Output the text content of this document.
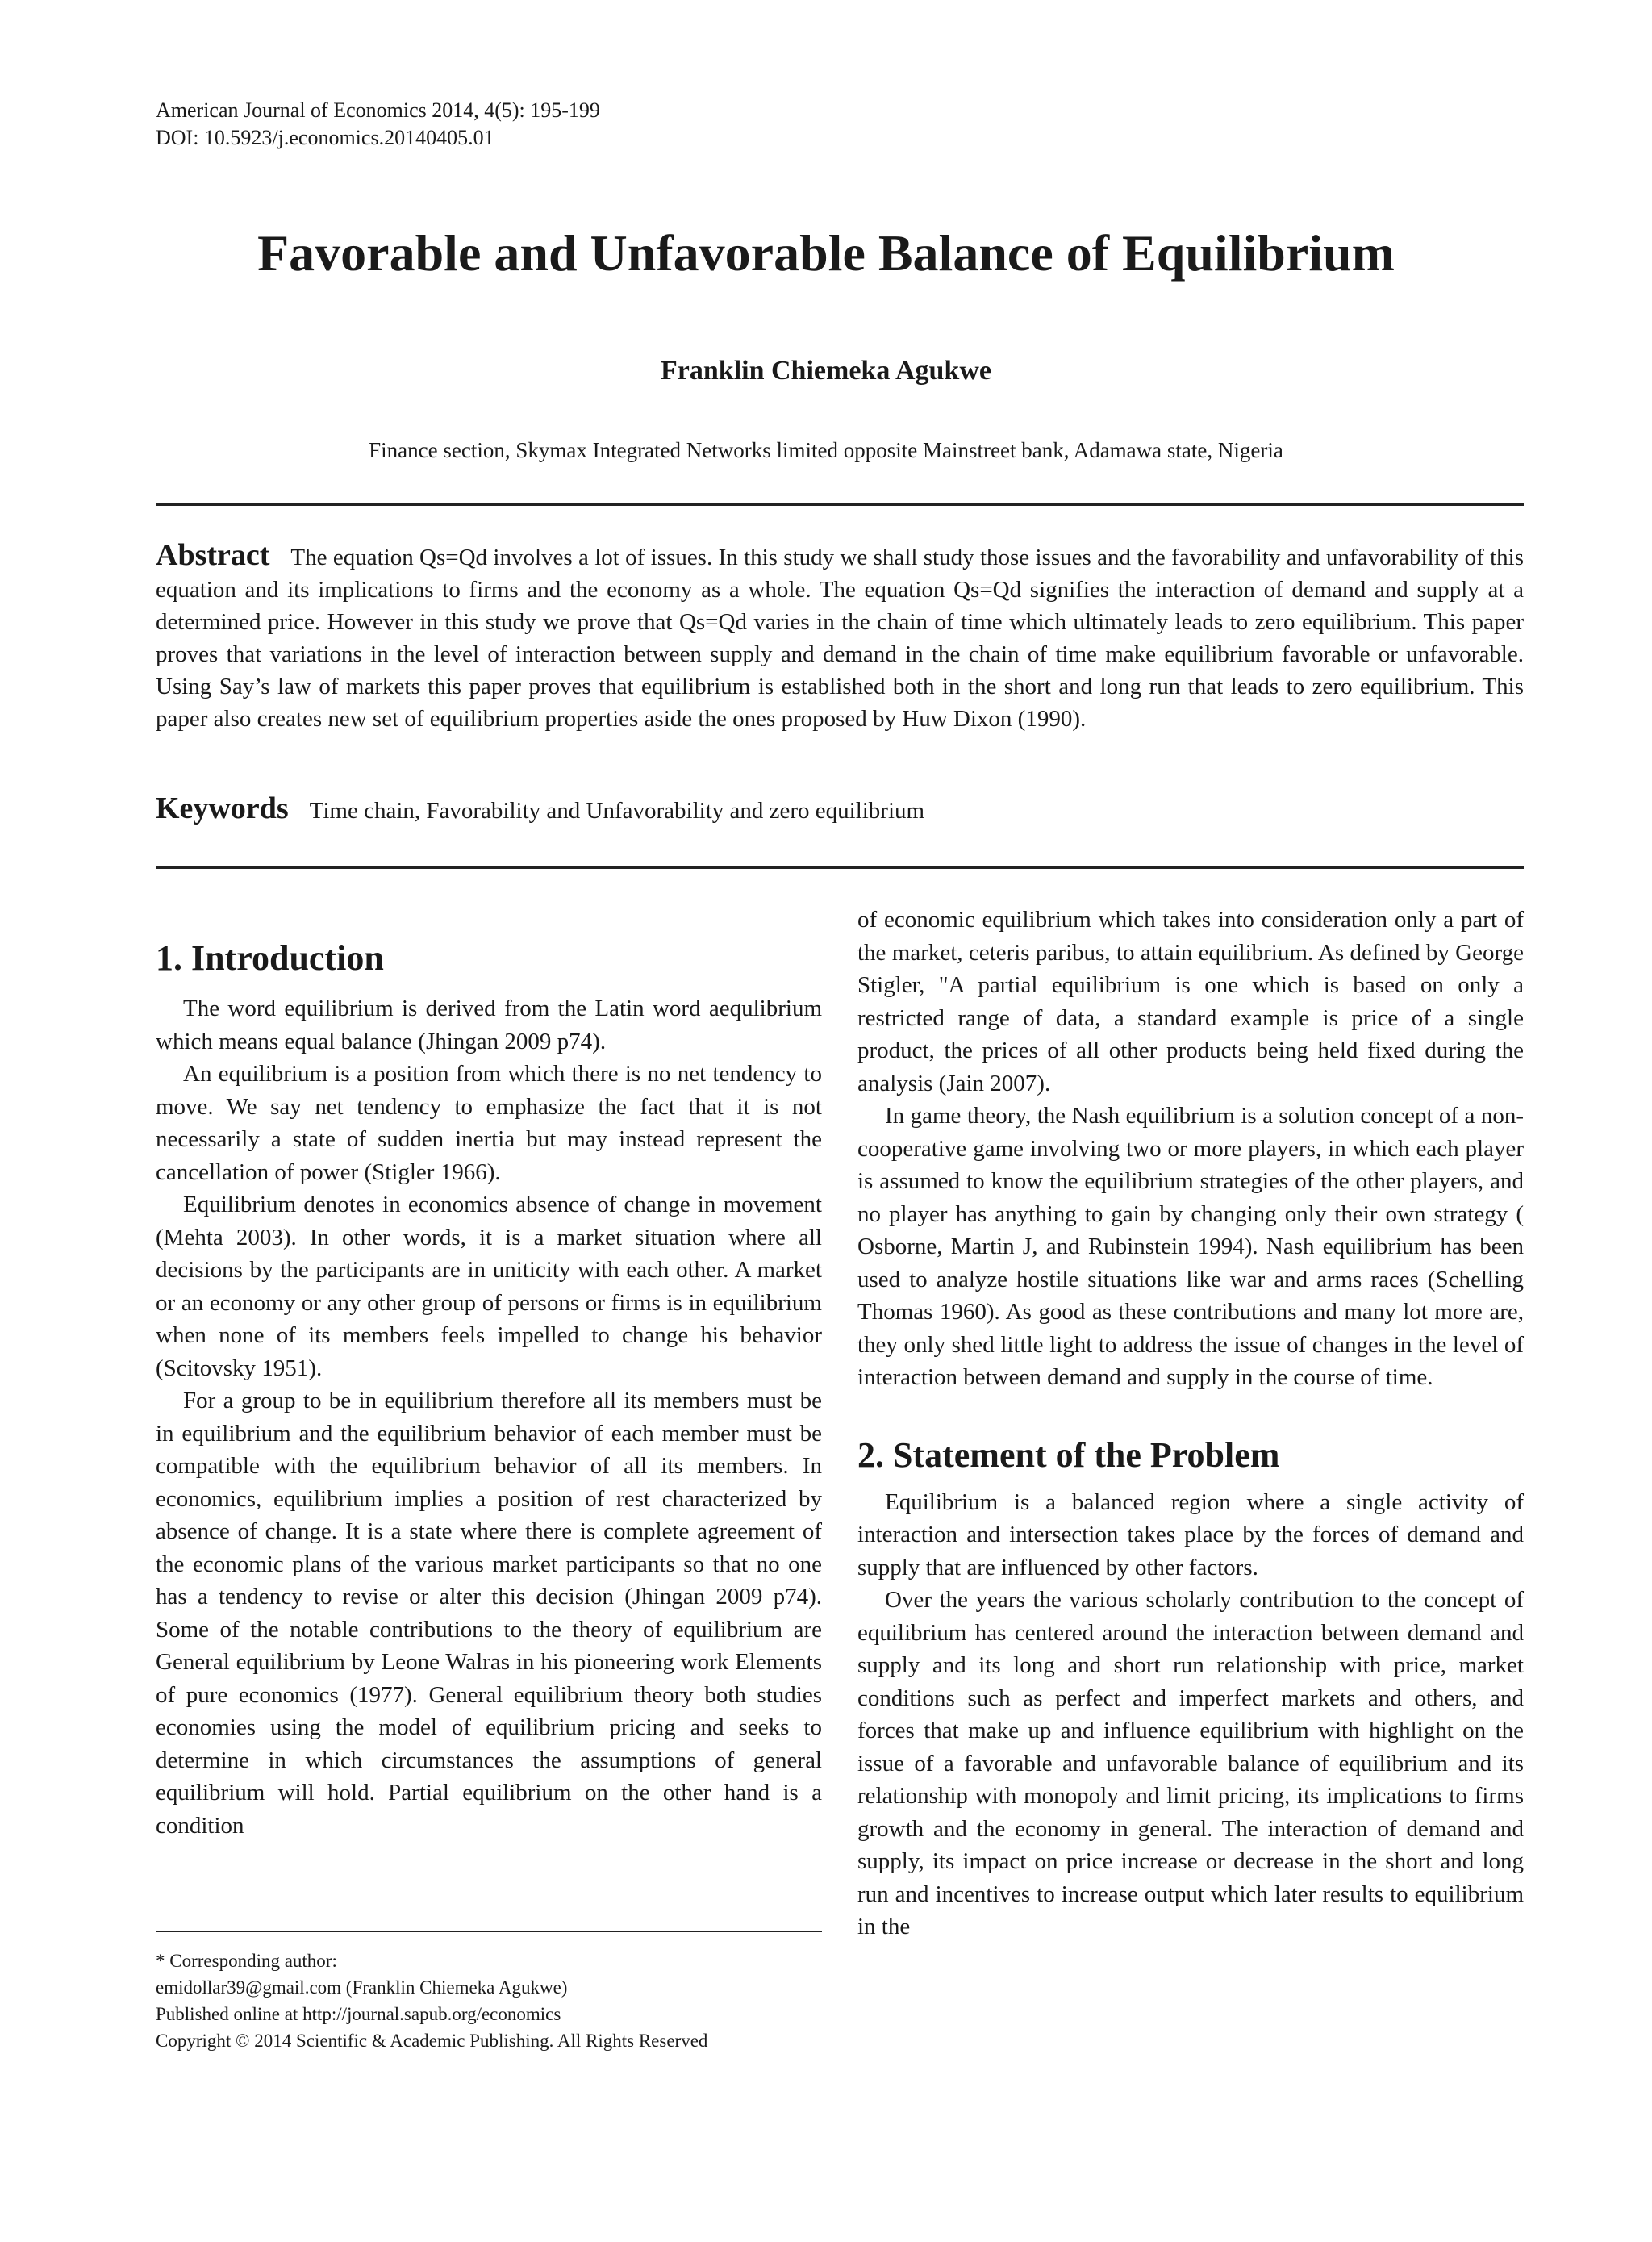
American Journal of Economics 2014, 4(5): 195-199
DOI: 10.5923/j.economics.20140405.01
Favorable and Unfavorable Balance of Equilibrium
Franklin Chiemeka Agukwe
Finance section, Skymax Integrated Networks limited opposite Mainstreet bank, Adamawa state, Nigeria
Abstract The equation Qs=Qd involves a lot of issues. In this study we shall study those issues and the favorability and unfavorability of this equation and its implications to firms and the economy as a whole. The equation Qs=Qd signifies the interaction of demand and supply at a determined price. However in this study we prove that Qs=Qd varies in the chain of time which ultimately leads to zero equilibrium. This paper proves that variations in the level of interaction between supply and demand in the chain of time make equilibrium favorable or unfavorable. Using Say’s law of markets this paper proves that equilibrium is established both in the short and long run that leads to zero equilibrium. This paper also creates new set of equilibrium properties aside the ones proposed by Huw Dixon (1990).
Keywords Time chain, Favorability and Unfavorability and zero equilibrium
1. Introduction

The word equilibrium is derived from the Latin word aequlibrium which means equal balance (Jhingan 2009 p74).

An equilibrium is a position from which there is no net tendency to move. We say net tendency to emphasize the fact that it is not necessarily a state of sudden inertia but may instead represent the cancellation of power (Stigler 1966).

Equilibrium denotes in economics absence of change in movement (Mehta 2003). In other words, it is a market situation where all decisions by the participants are in uniticity with each other. A market or an economy or any other group of persons or firms is in equilibrium when none of its members feels impelled to change his behavior (Scitovsky 1951).

For a group to be in equilibrium therefore all its members must be in equilibrium and the equilibrium behavior of each member must be compatible with the equilibrium behavior of all its members. In economics, equilibrium implies a position of rest characterized by absence of change. It is a state where there is complete agreement of the economic plans of the various market participants so that no one has a tendency to revise or alter this decision (Jhingan 2009 p74). Some of the notable contributions to the theory of equilibrium are General equilibrium by Leone Walras in his pioneering work Elements of pure economics (1977). General equilibrium theory both studies economies using the model of equilibrium pricing and seeks to determine in which circumstances the assumptions of general equilibrium will hold. Partial equilibrium on the other hand is a condition

of economic equilibrium which takes into consideration only a part of the market, ceteris paribus, to attain equilibrium. As defined by George Stigler, "A partial equilibrium is one which is based on only a restricted range of data, a standard example is price of a single product, the prices of all other products being held fixed during the analysis (Jain 2007).

In game theory, the Nash equilibrium is a solution concept of a non-cooperative game involving two or more players, in which each player is assumed to know the equilibrium strategies of the other players, and no player has anything to gain by changing only their own strategy ( Osborne, Martin J, and Rubinstein 1994). Nash equilibrium has been used to analyze hostile situations like war and arms races (Schelling Thomas 1960). As good as these contributions and many lot more are, they only shed little light to address the issue of changes in the level of interaction between demand and supply in the course of time.

2. Statement of the Problem

Equilibrium is a balanced region where a single activity of interaction and intersection takes place by the forces of demand and supply that are influenced by other factors.

Over the years the various scholarly contribution to the concept of equilibrium has centered around the interaction between demand and supply and its long and short run relationship with price, market conditions such as perfect and imperfect markets and others, and forces that make up and influence equilibrium with highlight on the issue of a favorable and unfavorable balance of equilibrium and its relationship with monopoly and limit pricing, its implications to firms growth and the economy in general. The interaction of demand and supply, its impact on price increase or decrease in the short and long run and incentives to increase output which later results to equilibrium in the

* Corresponding author:
emidollar39@gmail.com (Franklin Chiemeka Agukwe)
Published online at http://journal.sapub.org/economics
Copyright © 2014 Scientific & Academic Publishing. All Rights Reserved
